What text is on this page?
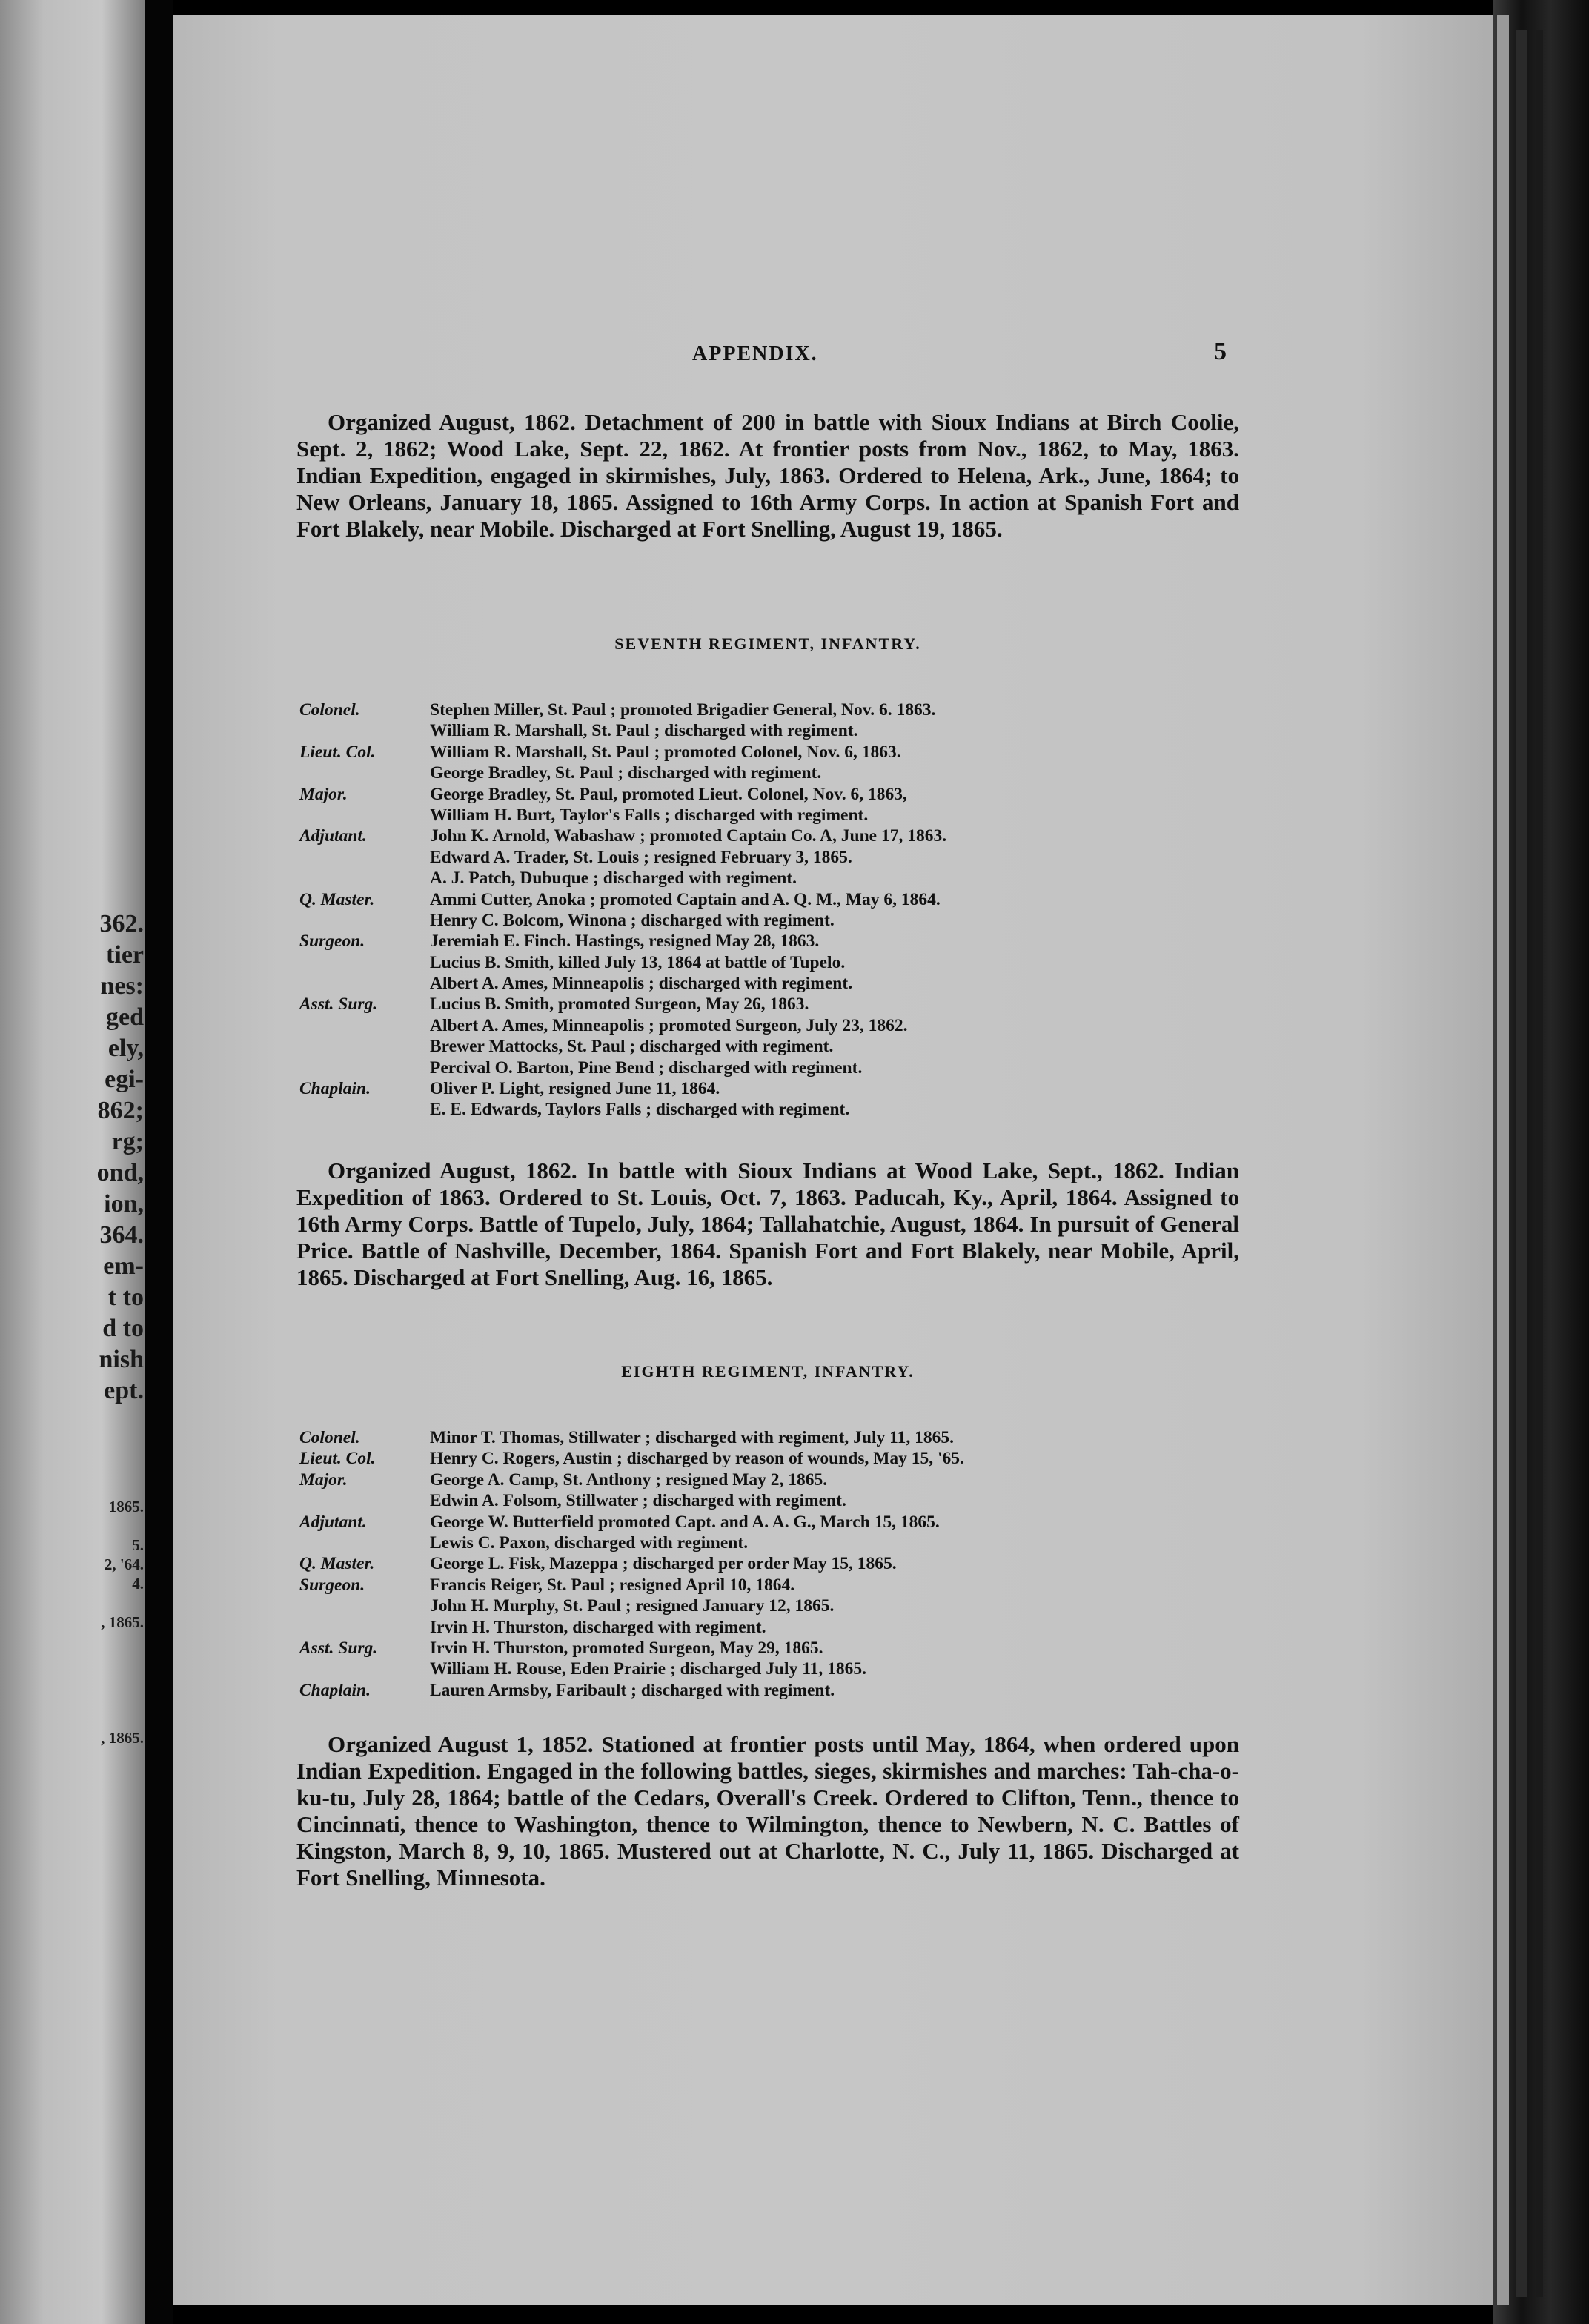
362.
tier
nes:
ged
ely,
egi-
862;
rg;
ond,
ion,
364.
em-
t to
d to
nish
ept.
1865.
5.
2, '64.
4.
, 1865.
, 1865.
APPENDIX.	5
Organized August, 1862. Detachment of 200 in battle with Sioux Indians at Birch Coolie, Sept. 2, 1862; Wood Lake, Sept. 22, 1862. At frontier posts from Nov., 1862, to May, 1863. Indian Expedition, engaged in skirmishes, July, 1863. Ordered to Helena, Ark., June, 1864; to New Orleans, January 18, 1865. Assigned to 16th Army Corps. In action at Spanish Fort and Fort Blakely, near Mobile. Discharged at Fort Snelling, August 19, 1865.
SEVENTH REGIMENT, INFANTRY.
Colonel.	Stephen Miller, St. Paul ; promoted Brigadier General, Nov. 6. 1863.
William R. Marshall, St. Paul ; discharged with regiment.
Lieut. Col.	William R. Marshall, St. Paul ; promoted Colonel, Nov. 6, 1863.
George Bradley, St. Paul ; discharged with regiment.
Major.	George Bradley, St. Paul, promoted Lieut. Colonel, Nov. 6, 1863,
William H. Burt, Taylor's Falls ; discharged with regiment.
Adjutant.	John K. Arnold, Wabashaw ; promoted Captain Co. A, June 17, 1863.
Edward A. Trader, St. Louis ; resigned February 3, 1865.
A. J. Patch, Dubuque ; discharged with regiment.
Q. Master.	Ammi Cutter, Anoka ; promoted Captain and A. Q. M., May 6, 1864.
Henry C. Bolcom, Winona ; discharged with regiment.
Surgeon.	Jeremiah E. Finch. Hastings, resigned May 28, 1863.
Lucius B. Smith, killed July 13, 1864 at battle of Tupelo.
Albert A. Ames, Minneapolis ; discharged with regiment.
Asst. Surg.	Lucius B. Smith, promoted Surgeon, May 26, 1863.
Albert A. Ames, Minneapolis ; promoted Surgeon, July 23, 1862.
Brewer Mattocks, St. Paul ; discharged with regiment.
Percival O. Barton, Pine Bend ; discharged with regiment.
Chaplain.	Oliver P. Light, resigned June 11, 1864.
E. E. Edwards, Taylors Falls ; discharged with regiment.
Organized August, 1862. In battle with Sioux Indians at Wood Lake, Sept., 1862. Indian Expedition of 1863. Ordered to St. Louis, Oct. 7, 1863. Paducah, Ky., April, 1864. Assigned to 16th Army Corps. Battle of Tupelo, July, 1864; Tallahatchie, August, 1864. In pursuit of General Price. Battle of Nashville, December, 1864. Spanish Fort and Fort Blakely, near Mobile, April, 1865. Discharged at Fort Snelling, Aug. 16, 1865.
EIGHTH REGIMENT, INFANTRY.
Colonel.	Minor T. Thomas, Stillwater ; discharged with regiment, July 11, 1865.
Lieut. Col.	Henry C. Rogers, Austin ; discharged by reason of wounds, May 15, '65.
Major.	George A. Camp, St. Anthony ; resigned May 2, 1865.
Edwin A. Folsom, Stillwater ; discharged with regiment.
Adjutant.	George W. Butterfield promoted Capt. and A. A. G., March 15, 1865.
Lewis C. Paxon, discharged with regiment.
Q. Master.	George L. Fisk, Mazeppa ; discharged per order May 15, 1865.
Surgeon.	Francis Reiger, St. Paul ; resigned April 10, 1864.
John H. Murphy, St. Paul ; resigned January 12, 1865.
Irvin H. Thurston, discharged with regiment.
Asst. Surg.	Irvin H. Thurston, promoted Surgeon, May 29, 1865.
William H. Rouse, Eden Prairie ; discharged July 11, 1865.
Chaplain.	Lauren Armsby, Faribault ; discharged with regiment.
Organized August 1, 1852. Stationed at frontier posts until May, 1864, when ordered upon Indian Expedition. Engaged in the following battles, sieges, skirmishes and marches: Tah-cha-o-ku-tu, July 28, 1864; battle of the Cedars, Overall's Creek. Ordered to Clifton, Tenn., thence to Cincinnati, thence to Washington, thence to Wilmington, thence to Newbern, N. C. Battles of Kingston, March 8, 9, 10, 1865. Mustered out at Charlotte, N. C., July 11, 1865. Discharged at Fort Snelling, Minnesota.
